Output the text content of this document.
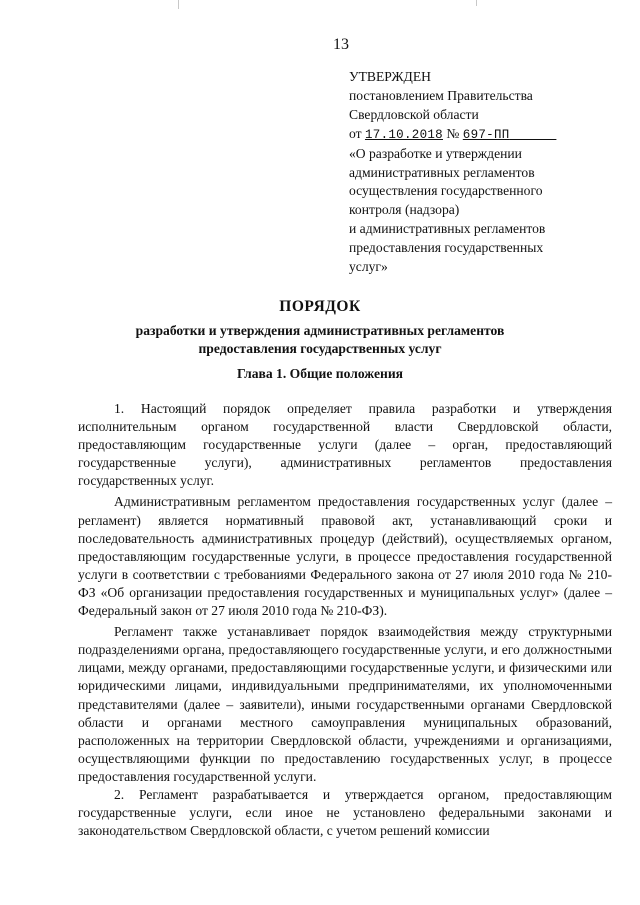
13
УТВЕРЖДЕН
постановлением Правительства
Свердловской области
от 17.10.2018 № 697-ПП
«О разработке и утверждении
административных регламентов
осуществления государственного
контроля (надзора)
и административных регламентов
предоставления государственных
услуг»
ПОРЯДОК
разработки и утверждения административных регламентов
предоставления государственных услуг
Глава 1. Общие положения

1. Настоящий порядок определяет правила разработки и утверждения исполнительным органом государственной власти Свердловской области, предоставляющим государственные услуги (далее – орган, предоставляющий государственные услуги), административных регламентов предоставления государственных услуг.

Административным регламентом предоставления государственных услуг (далее – регламент) является нормативный правовой акт, устанавливающий сроки и последовательность административных процедур (действий), осуществляемых органом, предоставляющим государственные услуги, в процессе предоставления государственной услуги в соответствии с требованиями Федерального закона от 27 июля 2010 года № 210-ФЗ «Об организации предоставления государственных и муниципальных услуг» (далее – Федеральный закон от 27 июля 2010 года № 210-ФЗ).

Регламент также устанавливает порядок взаимодействия между структурными подразделениями органа, предоставляющего государственные услуги, и его должностными лицами, между органами, предоставляющими государственные услуги, и физическими или юридическими лицами, индивидуальными предпринимателями, их уполномоченными представителями (далее – заявители), иными государственными органами Свердловской области и органами местного самоуправления муниципальных образований, расположенных на территории Свердловской области, учреждениями и организациями, осуществляющими функции по предоставлению государственных услуг, в процессе предоставления государственной услуги.

2. Регламент разрабатывается и утверждается органом, предоставляющим государственные услуги, если иное не установлено федеральными законами и законодательством Свердловской области, с учетом решений комиссии
